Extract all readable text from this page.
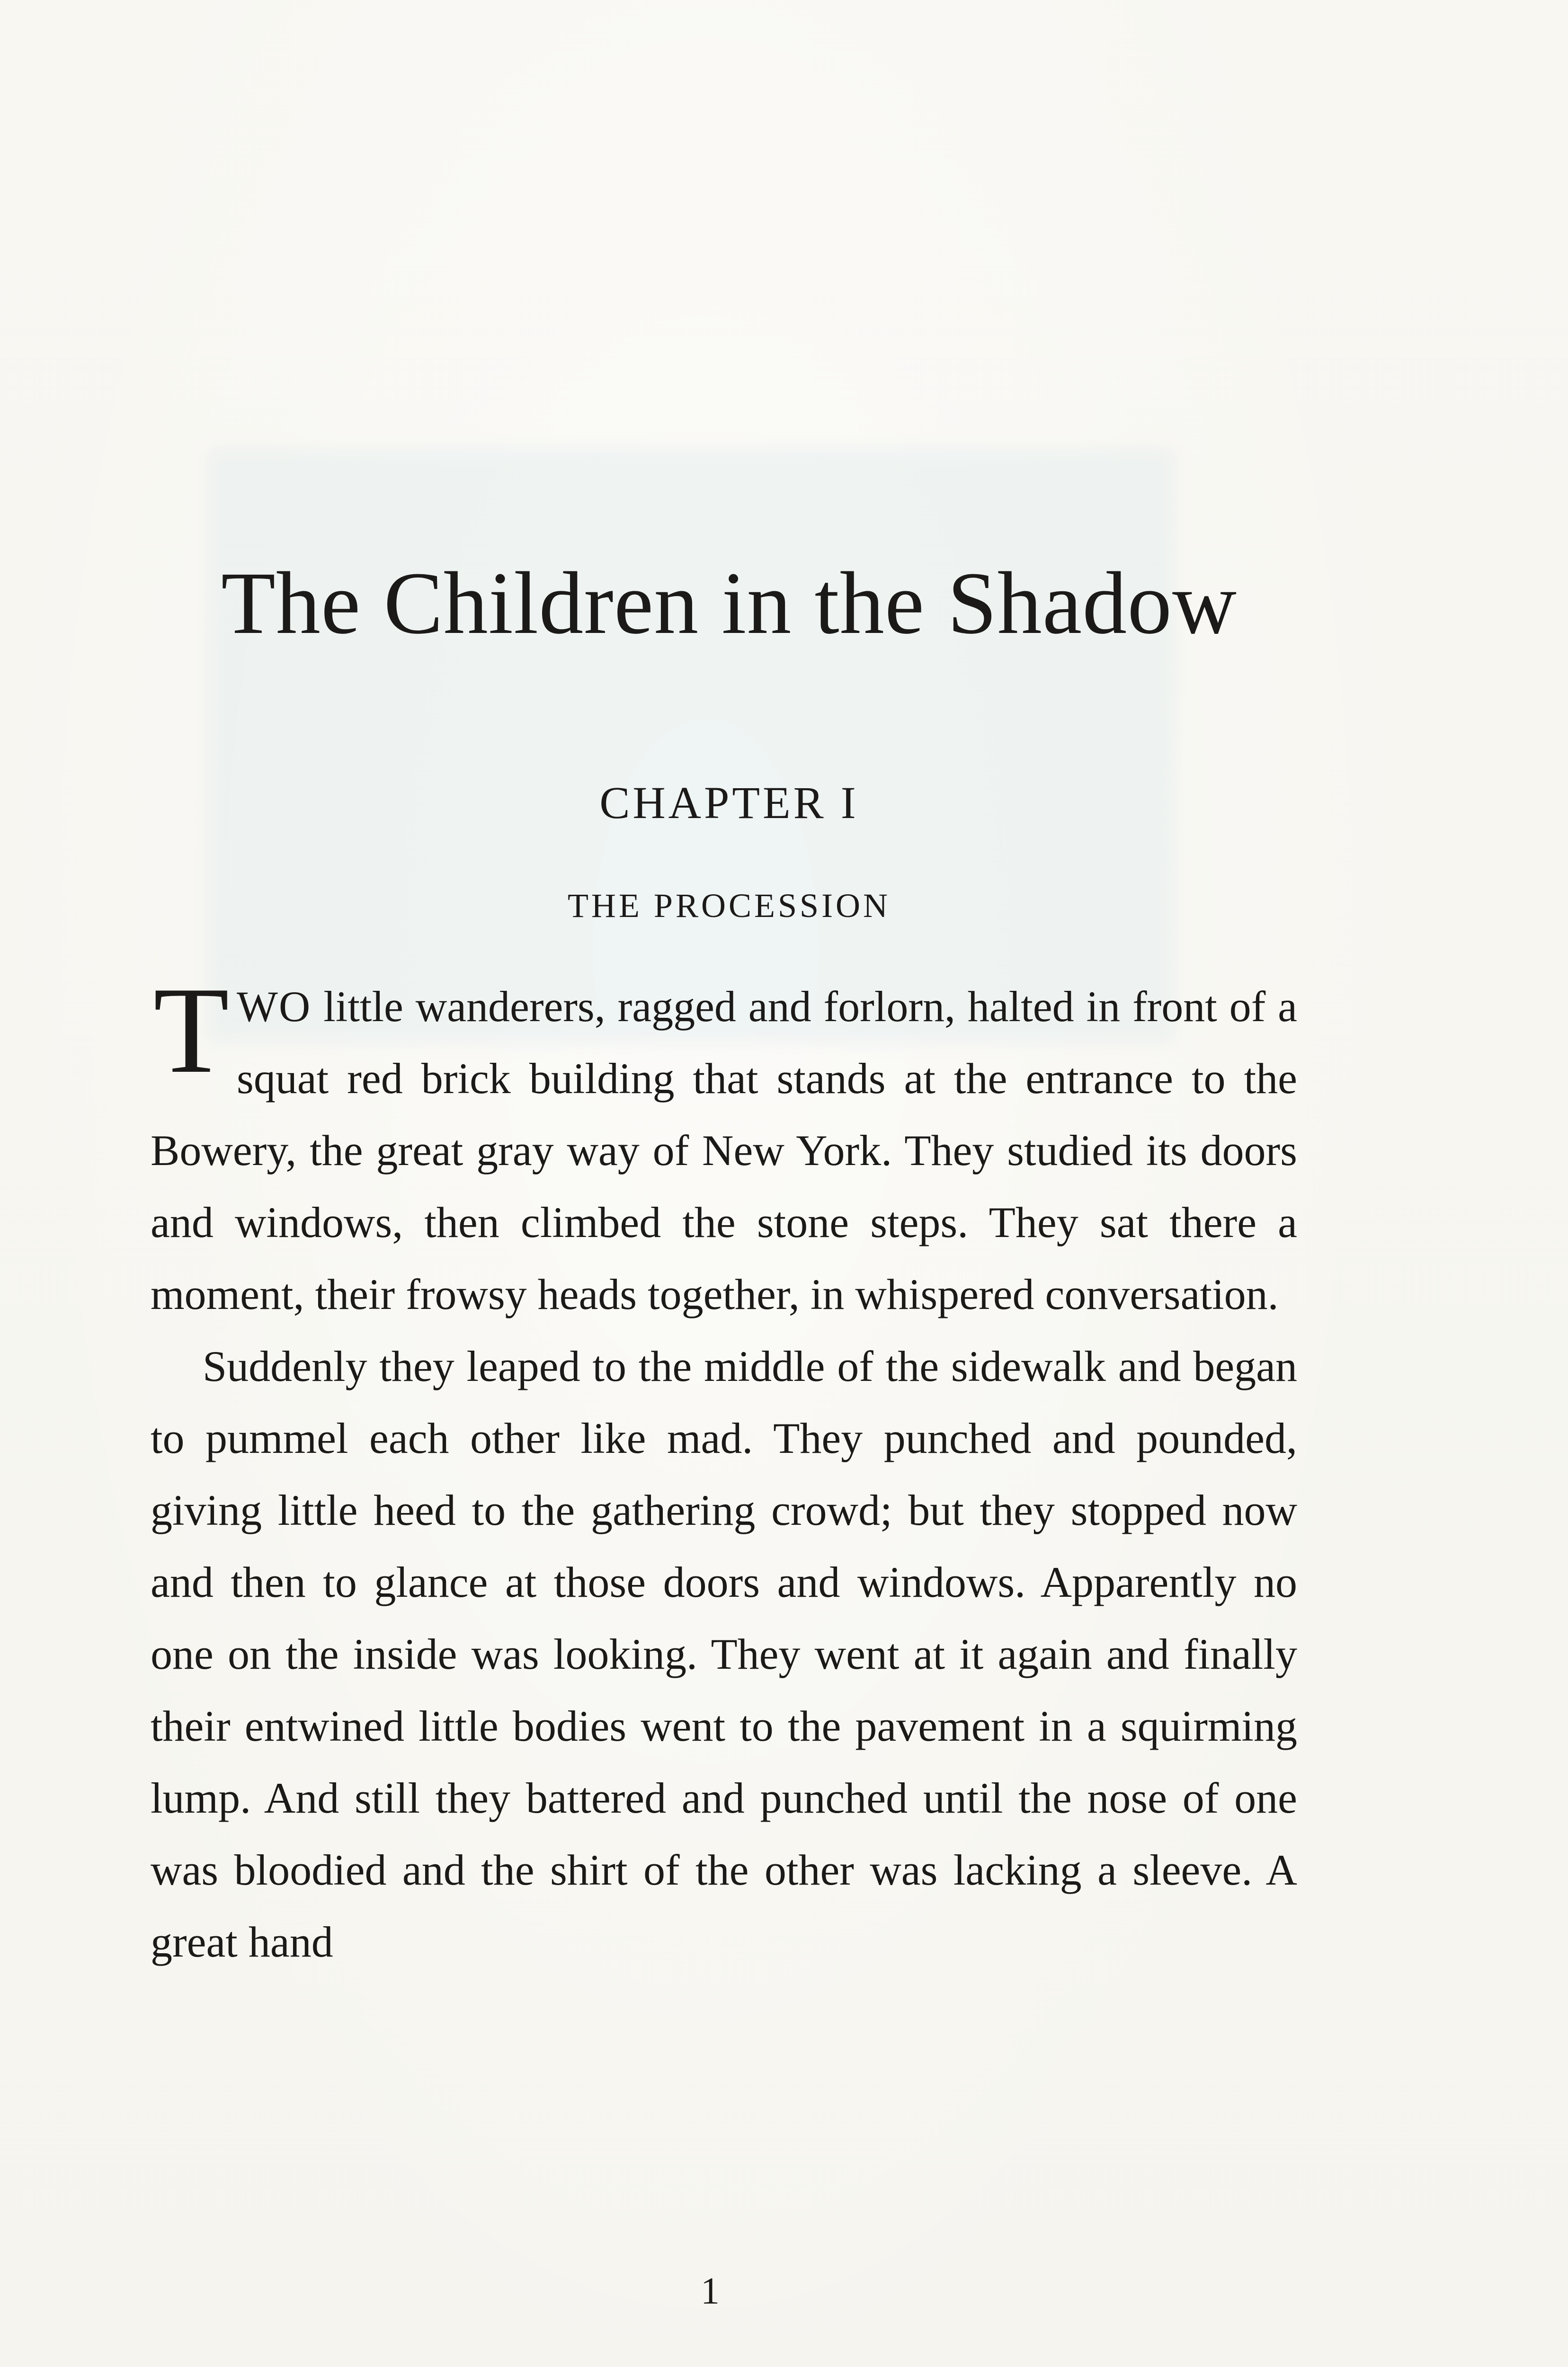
The Children in the Shadow
CHAPTER I
THE PROCESSION

TWO little wanderers, ragged and forlorn, halted in front of a squat red brick building that stands at the entrance to the Bowery, the great gray way of New York. They studied its doors and windows, then climbed the stone steps. They sat there a moment, their frowsy heads together, in whispered conversation.

Suddenly they leaped to the middle of the sidewalk and began to pummel each other like mad. They punched and pounded, giving little heed to the gathering crowd; but they stopped now and then to glance at those doors and windows. Apparently no one on the inside was looking. They went at it again and finally their entwined little bodies went to the pavement in a squirming lump. And still they battered and punched until the nose of one was bloodied and the shirt of the other was lacking a sleeve. A great hand

1
